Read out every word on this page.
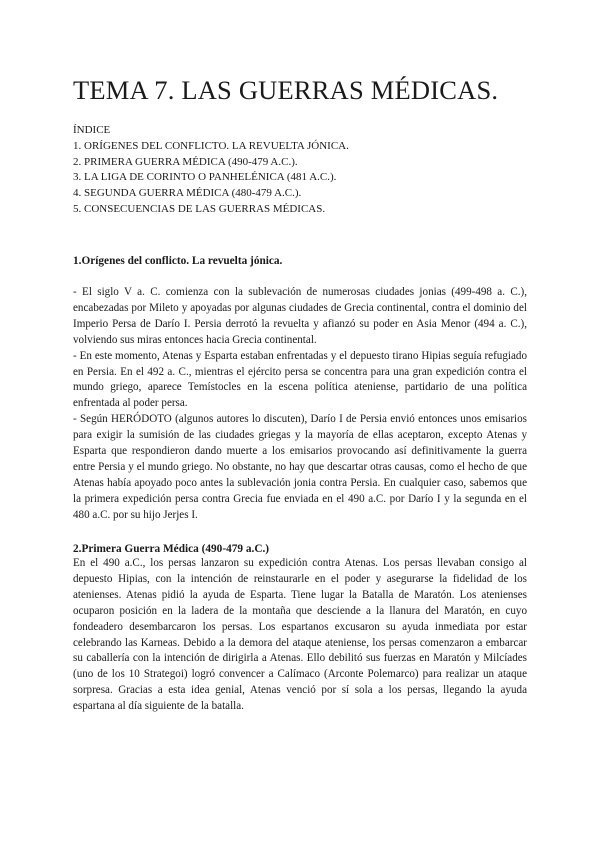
TEMA 7. LAS GUERRAS MÉDICAS.
ÍNDICE
1. ORÍGENES DEL CONFLICTO. LA REVUELTA JÓNICA.
2. PRIMERA GUERRA MÉDICA (490-479 A.C.).
3. LA LIGA DE CORINTO O PANHELÉNICA (481 A.C.).
4. SEGUNDA GUERRA MÉDICA (480-479 A.C.).
5. CONSECUENCIAS DE LAS GUERRAS MÉDICAS.
1.Orígenes del conflicto. La revuelta jónica.

- El siglo V a. C. comienza con la sublevación de numerosas ciudades jonias (499-498 a. C.), encabezadas por Mileto y apoyadas por algunas ciudades de Grecia continental, contra el dominio del Imperio Persa de Darío I. Persia derrotó la revuelta y afianzó su poder en Asia Menor (494 a. C.), volviendo sus miras entonces hacia Grecia continental.

- En este momento, Atenas y Esparta estaban enfrentadas y el depuesto tirano Hipias seguía refugiado en Persia. En el 492 a. C., mientras el ejército persa se concentra para una gran expedición contra el mundo griego, aparece Temístocles en la escena política ateniense, partidario de una política enfrentada al poder persa.

- Según HERÓDOTO (algunos autores lo discuten), Darío I de Persia envió entonces unos emisarios para exigir la sumisión de las ciudades griegas y la mayoría de ellas aceptaron, excepto Atenas y Esparta que respondieron dando muerte a los emisarios provocando así definitivamente la guerra entre Persia y el mundo griego. No obstante, no hay que descartar otras causas, como el hecho de que Atenas había apoyado poco antes la sublevación jonia contra Persia. En cualquier caso, sabemos que la primera expedición persa contra Grecia fue enviada en el 490 a.C. por Darío I y la segunda en el 480 a.C. por su hijo Jerjes I.

2.Primera Guerra Médica (490-479 a.C.)

En el 490 a.C., los persas lanzaron su expedición contra Atenas. Los persas llevaban consigo al depuesto Hipias, con la intención de reinstaurarle en el poder y asegurarse la fidelidad de los atenienses. Atenas pidió la ayuda de Esparta. Tiene lugar la Batalla de Maratón. Los atenienses ocuparon posición en la ladera de la montaña que desciende a la llanura del Maratón, en cuyo fondeadero desembarcaron los persas. Los espartanos excusaron su ayuda inmediata por estar celebrando las Karneas. Debido a la demora del ataque ateniense, los persas comenzaron a embarcar su caballería con la intención de dirigirla a Atenas. Ello debilitó sus fuerzas en Maratón y Milcíades (uno de los 10 Strategoi) logró convencer a Calímaco (Arconte Polemarco) para realizar un ataque sorpresa. Gracias a esta idea genial, Atenas venció por sí sola a los persas, llegando la ayuda espartana al día siguiente de la batalla.
